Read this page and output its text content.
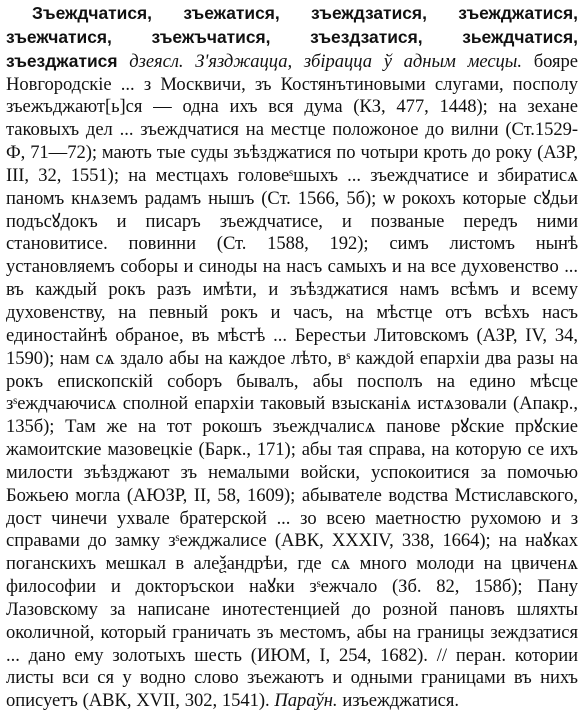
Зъеждчатися, зъежатися, зъеждзатися, зъежджатися, зъежчатися, зъежъчатися, зъездзатися, зьеждчатися, зъезджатися дзеясл. З'язджацца, збірацца ў адным месцы. бояре Новгородскіе ... з Москвичи, зъ Костянътиновыми слугами, посполу зъежъджают[ь]ся — одна ихъ вся дума (КЗ, 477, 1448); на зехане таковыхъ дел ... зъеждчатися на местце положоное до вилни (Ст.1529-Ф, 71—72); мають тые суды зъѣзджатися по чотыри кроть до року (АЗР, III, 32, 1551); на местцахъ головеˢшыхъ ... зъеждчатисе и збиратисѧ паномъ кнѧземъ радамъ нышъ (Ст. 1566, 5б); ѡ рокохъ которые сꙋдьи подъсꙋдокъ и писаръ зъеждчатисе, и позваные передъ ними становитисе. повинни (Ст. 1588, 192); симъ листомъ нынѣ установляемъ соборы и синоды на насъ самыхъ и на все духовенство ... въ каждый рокъ разъ имѣти, и зъѣзджатися намъ всѣмъ и всему духовенству, на певный рокъ и часъ, на мѣстце отъ всѣхъ насъ единостайнѣ обраное, въ мѣстѣ ... Берестьи Литовскомъ (АЗР, IV, 34, 1590); нам сѧ здало абы на каждое лѣто, вˢ каждой епархіи два разы на рокъ епископскій соборъ бывалъ, абы посполъ на едино мѣсце зˢеждчаючисѧ сполной епархіи таковый взысканіѧ истѧзовали (Апакр., 135б); Там же на тот рокошъ зъеждчалисѧ панове рꙋские прꙋские жамоитские мазовецкіе (Барк., 171); абы тая справа, на которую се ихъ милости зъѣзджают зъ немалыми войски, успокоитися за помочью Божьею могла (АЮЗР, II, 58, 1609); абывателе водства Мстиславского, дост чинечи ухвале братерской ... зо всею маетностю рухомою и з справами до замку зˢежджалисе (АВК, XXXIV, 338, 1664); на наꙋках поганскихъ мешкал в алеѯандрѣи, где сѧ много молоди на цвиченѧ философии и докторъскои наꙋки зˢежчало (Зб. 82, 158б); Пану Лазовскому за написане инотестенцией до розной пановъ шляхты околичной, который граничать зъ местомъ, абы на границы зеждзатися ... дано ему золотыхъ шесть (ИЮМ, I, 254, 1682). // перан. котории листы вси ся у водно слово зъежаютъ и одными границами въ нихъ описуетъ (АВК, XVII, 302, 1541). Параўн. изъежджатися.
